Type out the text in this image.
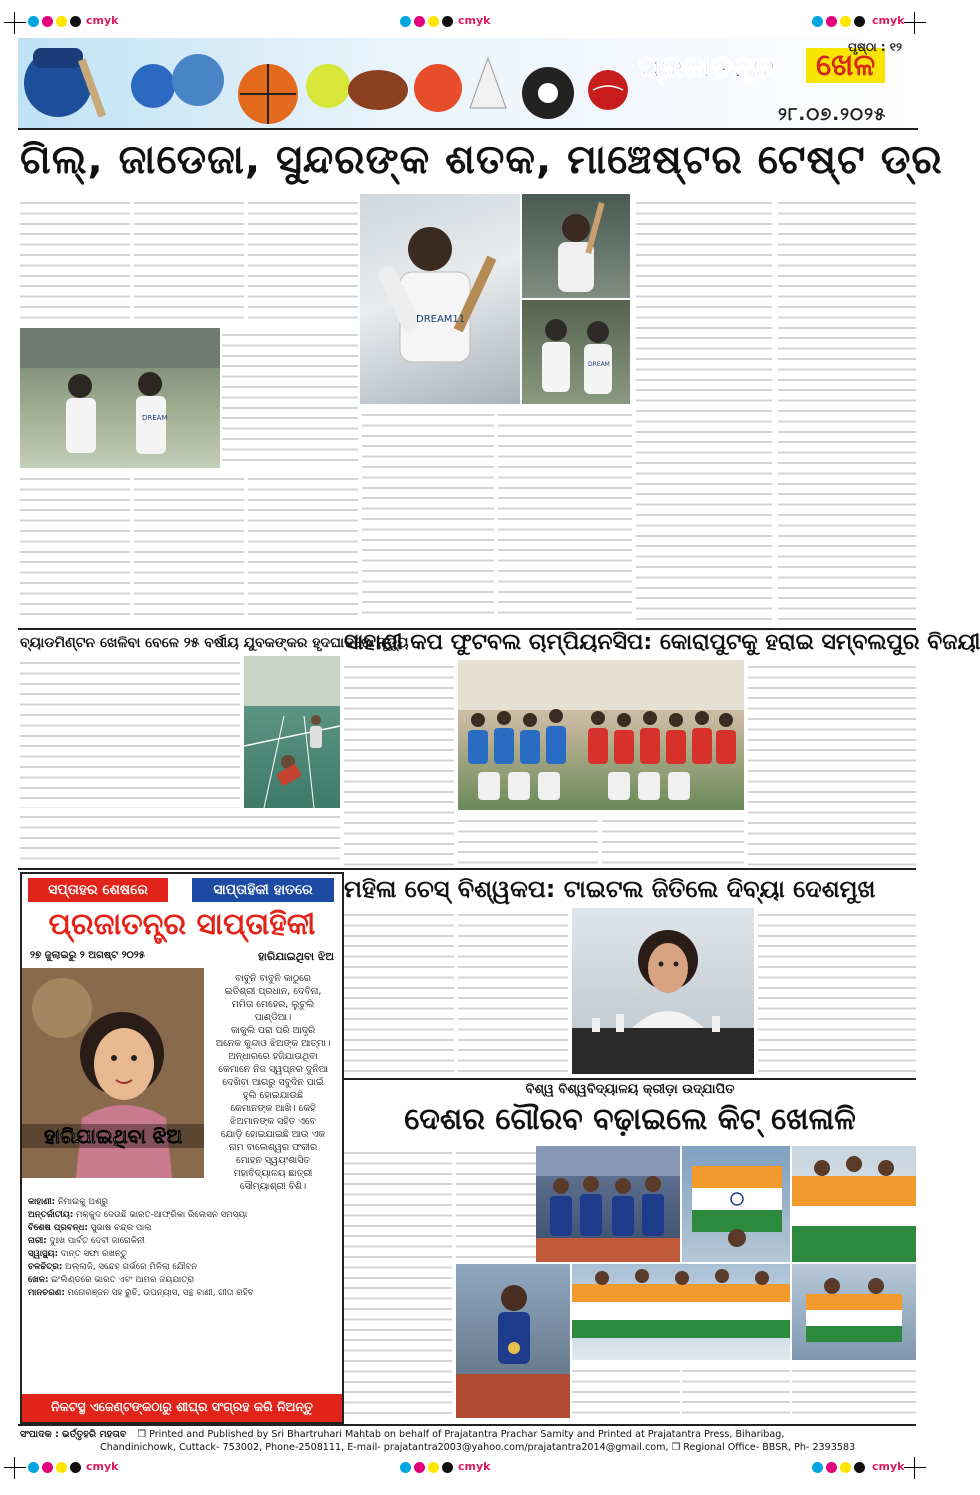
cmyk	cmyk	cmyk
cmyk	cmyk	cmyk
ପ୍ରଜାତନ୍ତ୍ର	ଖେଳ
ପୃଷ୍ଠା : ୧୨
୨୮.୦୭.୨୦୨୫
ଗିଲ୍, ଜାଡେଜା, ସୁନ୍ଦରଙ୍କ ଶତକ, ମାଞ୍ଚେଷ୍ଟର ଟେଷ୍ଟ ଡ୍ର
DREAM11
DREAM
DREAM
ବ୍ୟାଡମିଣ୍ଟନ ଖେଳିବା ବେଳେ ୨୫ ବର୍ଷୀୟ ଯୁବକଙ୍କର ହୃଦଘାତରେ ମୃତ୍ୟୁ
ସାହାଣୀ କପ ଫୁଟବଲ ଚାମ୍ପିୟନସିପ: କୋରାପୁଟକୁ ହରାଇ ସମ୍ବଲପୁର ବିଜୟୀ
ସପ୍ତାହର ଶେଷରେ	ସାପ୍ତାହିକୀ ହାତରେ
ପ୍ରଜାତନ୍ତ୍ର ସାପ୍ତାହିକୀ
୨୭ ଜୁଲାଇରୁ ୨ ଅଗଷ୍ଟ ୨୦୨୫	ହାରିଯାଇଥିବା ଝିଅ
ହାରିଯାଇଥିବା ଝିଅ
ବାବୁନି ବାବୁନି କାଠୁରେ
ଇତିଶ୍ରୀ ପ୍ରଧାନ, ଦେବିନା,
ମମିତା ମେହେର, ଲୁଚୁଲି
ପାଣ୍ଡିଆ।
କାକୁଲି ପରା ପରି ଆଦୃରି
ଅନେକ କୁନ୍ଦାଓ ଝିଅଙ୍କ ଆତ୍ମା।
ଅନ୍ଧାରରେ ହଜିଯାଉଥିବା
କେମାନେ ନିଜ ସ୍ୱପ୍ନର ଦୁନିଆ
ଦେଖିବା ଆଗରୁ ସବୁଦିନ ପାଇଁ
ହୁଲି ହୋଇଯାଉଛି
କେମାନଙ୍କ ଆଖି। କେହି
ଝିଅମାନଙ୍କ ସହିତ ଏବେ
ଯୋଡ଼ି ହୋଇଯାଇଛି ଆଉ ଏକ
ନାମ ବାଲେଶ୍ୱର ଫକୀର
ମୋହନ ସ୍ୱୟଂଶାସିତ
ମହାବିଦ୍ୟାଳୟ ଛାତ୍ରୀ
ସୌମ୍ୟାଶ୍ରୀ ବିଶି।
କାହାଣୀ: ନିମାଇକୁ ଅଶ୍ରୁ
ଅନ୍ତର୍ଜାତୀୟ: ମକ୍କୁଦ ଦେଉଛି ଭାରତ-ଆଫ୍ରିକା ରିଲେସନ ସମସ୍ୟା
ବିଶେଷ ପ୍ରବନ୍ଧ: ସୁଭାଷ ଚନ୍ଦ୍ର ପାଲ
ନାରୀ: ଦୁଃଖ ପାର୍ବତ ଦେବୀ ଜାରୋକିନୀ
ସ୍ୱାସ୍ଥ୍ୟ: ଦାନ୍ତ ସଫା ରଖନ୍ତୁ
ଚଳଚ୍ଚିତ୍ର: ଅଲ୍ଲାଜି, ସନ୍ଦେହ ଗର୍ଭରେ ମିଳିଲା ଯୌବନ
ଖେଳ: ଇଂଲିଣ୍ଡରେ ଭାରତ ଏବଂ ଆମର ଜୟଯାତ୍ରା
ମାନଚରଣ: ମନୋରଞ୍ଜନ ସହ ରୁଚି, ଉପନ୍ୟାସ, ସନ୍ଥ ବାଣୀ, ଗୀତା ରହିବ
ନିକଟସ୍ଥ ଏଜେଣ୍ଟଙ୍କଠାରୁ ଶୀଘ୍ର ସଂଗ୍ରହ କରି ନିଅନ୍ତୁ
ମହିଳା ଚେସ୍ ବିଶ୍ୱକପ: ଟାଇଟଲ ଜିତିଲେ ଦିବ୍ୟା ଦେଶମୁଖ
ବିଶ୍ୱ ବିଶ୍ୱବିଦ୍ୟାଳୟ କ୍ରୀଡ଼ା ଉଦ୍ଯାପିତ
ଦେଶର ଗୌରବ ବଢ଼ାଇଲେ କିଟ୍ ଖେଳାଳି
ସଂପାଦକ : ଭର୍ତ୍ତୃହରି ମହତାବ ❒ Printed and Published by Sri Bhartruhari Mahtab on behalf of Prajatantra Prachar Samity and Printed at Prajatantra Press, Biharibag,
Chandinichowk, Cuttack- 753002, Phone-2508111, E-mail- prajatantra2003@yahoo.com/prajatantra2014@gmail.com, ❒ Regional Office- BBSR, Ph- 2393583
